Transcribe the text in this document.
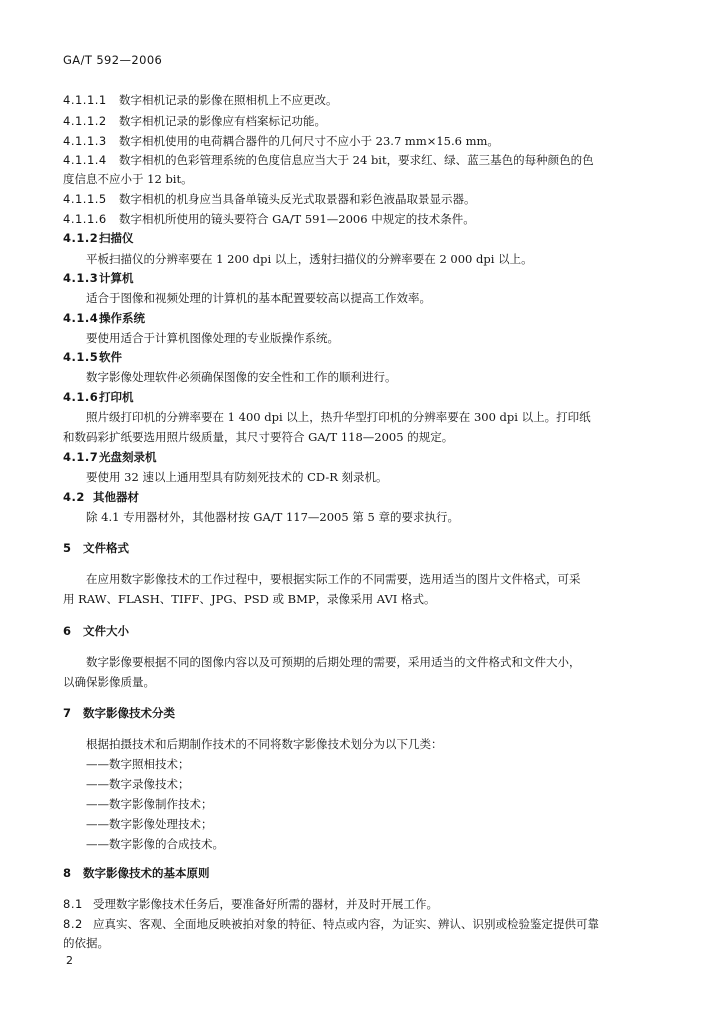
GA/T 592—2006
4.1.1.1 数字相机记录的影像在照相机上不应更改。
4.1.1.2 数字相机记录的影像应有档案标记功能。
4.1.1.3 数字相机使用的电荷耦合器件的几何尺寸不应小于 23.7 mm×15.6 mm。
4.1.1.4 数字相机的色彩管理系统的色度信息应当大于 24 bit，要求红、绿、蓝三基色的每种颜色的色
度信息不应小于 12 bit。
4.1.1.5 数字相机的机身应当具备单镜头反光式取景器和彩色液晶取景显示器。
4.1.1.6 数字相机所使用的镜头要符合 GA/T 591—2006 中规定的技术条件。
4.1.2扫描仪
平板扫描仪的分辨率要在 1 200 dpi 以上，透射扫描仪的分辨率要在 2 000 dpi 以上。
4.1.3计算机
适合于图像和视频处理的计算机的基本配置要较高以提高工作效率。
4.1.4操作系统
要使用适合于计算机图像处理的专业版操作系统。
4.1.5软件
数字影像处理软件必须确保图像的安全性和工作的顺利进行。
4.1.6打印机
照片级打印机的分辨率要在 1 400 dpi 以上，热升华型打印机的分辨率要在 300 dpi 以上。打印纸
和数码彩扩纸要选用照片级质量，其尺寸要符合 GA/T 118—2005 的规定。
4.1.7光盘刻录机
要使用 32 速以上通用型具有防刻死技术的 CD-R 刻录机。
4.2 其他器材
除 4.1 专用器材外，其他器材按 GA/T 117—2005 第 5 章的要求执行。
5 文件格式
在应用数字影像技术的工作过程中，要根据实际工作的不同需要，选用适当的图片文件格式，可采
用 RAW、FLASH、TIFF、JPG、PSD 或 BMP，录像采用 AVI 格式。
6 文件大小
数字影像要根据不同的图像内容以及可预期的后期处理的需要，采用适当的文件格式和文件大小，
以确保影像质量。
7 数字影像技术分类
根据拍摄技术和后期制作技术的不同将数字影像技术划分为以下几类：
——数字照相技术；
——数字录像技术；
——数字影像制作技术；
——数字影像处理技术；
——数字影像的合成技术。
8 数字影像技术的基本原则
8.1 受理数字影像技术任务后，要准备好所需的器材，并及时开展工作。
8.2 应真实、客观、全面地反映被拍对象的特征、特点或内容，为证实、辨认、识别或检验鉴定提供可靠
的依据。
2
